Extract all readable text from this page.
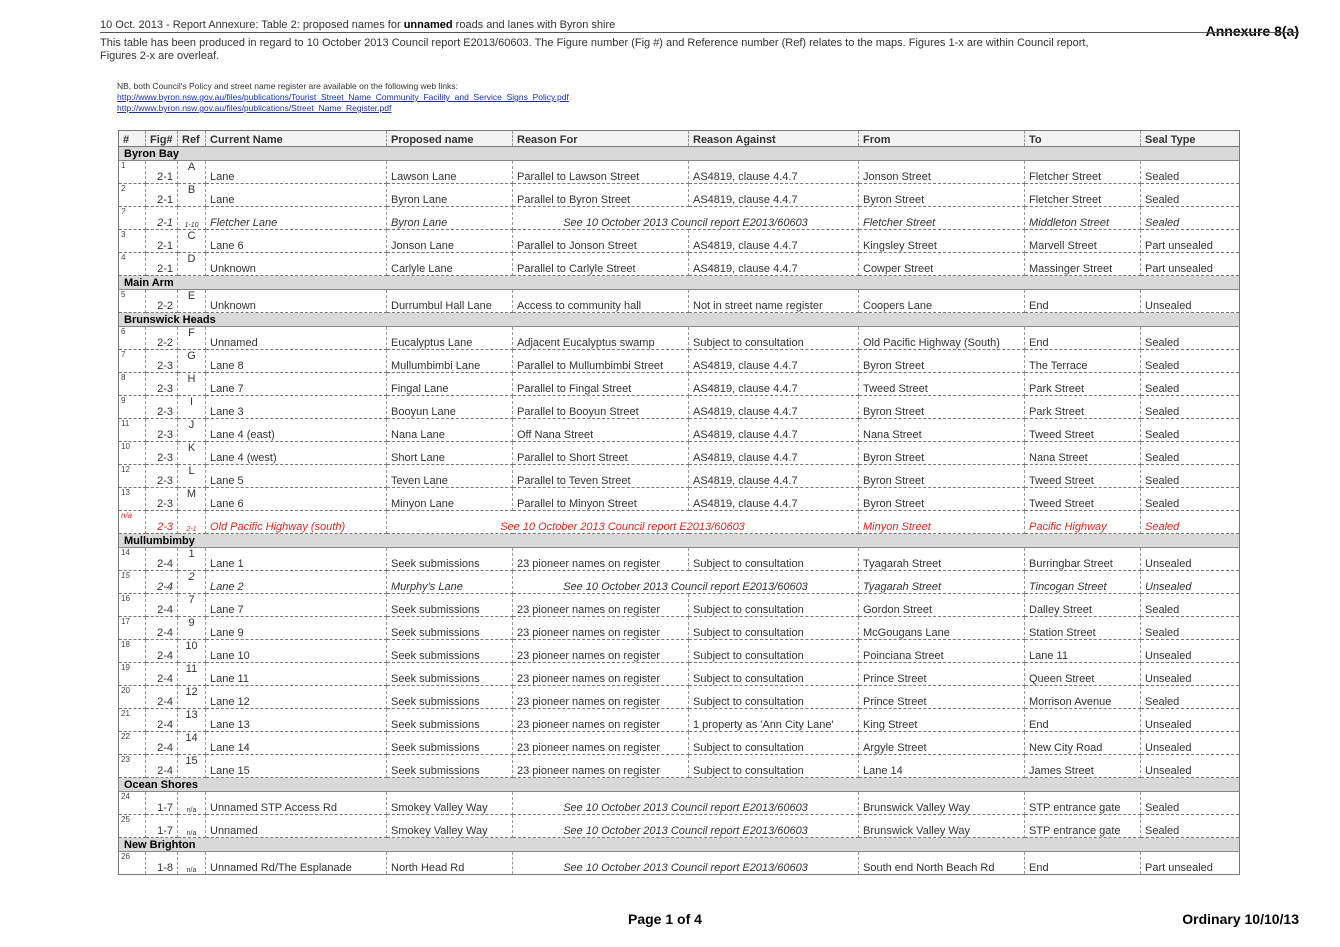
10 Oct. 2013 - Report Annexure: Table 2: proposed names for unnamed roads and lanes with Byron shire	Annexure 8(a)
This table has been produced in regard to 10 October 2013 Council report E2013/60603. The Figure number (Fig #) and Reference number (Ref) relates to the maps. Figures 1-x are within Council report,
Figures 2-x are overleaf.
NB, both Council's Policy and street name register are available on the following web links:
http://www.byron.nsw.gov.au/files/publications/Tourist_Street_Name_Community_Facility_and_Service_Signs_Policy.pdf
http://www.byron.nsw.gov.au/files/publications/Street_Name_Register.pdf
#	Fig#	Ref	Current Name	Proposed name	Reason For	Reason Against	From	To	Seal Type
Byron Bay									
1	2-1	A	Lane	Lawson Lane	Parallel to Lawson Street	AS4819, clause 4.4.7	Jonson Street	Fletcher Street	Sealed
2	2-1	B	Lane	Byron Lane	Parallel to Byron Street	AS4819, clause 4.4.7	Byron Street	Fletcher Street	Sealed
?	2-1	1-10	Fletcher Lane	Byron Lane	See 10 October 2013 Council report E2013/60603		Fletcher Street	Middleton Street	Sealed
3	2-1	C	Lane 6	Jonson Lane	Parallel to Jonson Street	AS4819, clause 4.4.7	Kingsley Street	Marvell Street	Part unsealed
4	2-1	D	Unknown	Carlyle Lane	Parallel to Carlyle Street	AS4819, clause 4.4.7	Cowper Street	Massinger Street	Part unsealed
Main Arm									
5	2-2	E	Unknown	Durrumbul Hall Lane	Access to community hall	Not in street name register	Coopers Lane	End	Unsealed
Brunswick Heads									
6	2-2	F	Unnamed	Eucalyptus Lane	Adjacent Eucalyptus swamp	Subject to consultation	Old Pacific Highway (South)	End	Sealed
7	2-3	G	Lane 8	Mullumbimbi Lane	Parallel to Mullumbimbi Street	AS4819, clause 4.4.7	Byron Street	The Terrace	Sealed
8	2-3	H	Lane 7	Fingal Lane	Parallel to Fingal Street	AS4819, clause 4.4.7	Tweed Street	Park Street	Sealed
9	2-3	I	Lane 3	Booyun Lane	Parallel to Booyun Street	AS4819, clause 4.4.7	Byron Street	Park Street	Sealed
11	2-3	J	Lane 4 (east)	Nana Lane	Off Nana Street	AS4819, clause 4.4.7	Nana Street	Tweed Street	Sealed
10	2-3	K	Lane 4 (west)	Short Lane	Parallel to Short Street	AS4819, clause 4.4.7	Byron Street	Nana Street	Sealed
12	2-3	L	Lane 5	Teven Lane	Parallel to Teven Street	AS4819, clause 4.4.7	Byron Street	Tweed Street	Sealed
13	2-3	M	Lane 6	Minyon Lane	Parallel to Minyon Street	AS4819, clause 4.4.7	Byron Street	Tweed Street	Sealed
n/a	2-3	2-1	Old Pacific Highway (south)	See 10 October 2013 Council report E2013/60603			Minyon Street	Pacific Highway	Sealed
Mullumbimby									
14	2-4	1	Lane 1	Seek submissions	23 pioneer names on register	Subject to consultation	Tyagarah Street	Burringbar Street	Unsealed
15	2-4	2	Lane 2	Murphy's Lane	See 10 October 2013 Council report E2013/60603		Tyagarah Street	Tincogan Street	Unsealed
16	2-4	7	Lane 7	Seek submissions	23 pioneer names on register	Subject to consultation	Gordon Street	Dalley Street	Sealed
17	2-4	9	Lane 9	Seek submissions	23 pioneer names on register	Subject to consultation	McGougans Lane	Station Street	Sealed
18	2-4	10	Lane 10	Seek submissions	23 pioneer names on register	Subject to consultation	Poinciana Street	Lane 11	Unsealed
19	2-4	11	Lane 11	Seek submissions	23 pioneer names on register	Subject to consultation	Prince Street	Queen Street	Unsealed
20	2-4	12	Lane 12	Seek submissions	23 pioneer names on register	Subject to consultation	Prince Street	Morrison Avenue	Sealed
21	2-4	13	Lane 13	Seek submissions	23 pioneer names on register	1 property as 'Ann City Lane'	King Street	End	Unsealed
22	2-4	14	Lane 14	Seek submissions	23 pioneer names on register	Subject to consultation	Argyle Street	New City Road	Unsealed
23	2-4	15	Lane 15	Seek submissions	23 pioneer names on register	Subject to consultation	Lane 14	James Street	Unsealed
Ocean Shores									
24	1-7	n/a	Unnamed STP Access Rd	Smokey Valley Way	See 10 October 2013 Council report E2013/60603		Brunswick Valley Way	STP entrance gate	Sealed
25	1-7	n/a	Unnamed	Smokey Valley Way	See 10 October 2013 Council report E2013/60603		Brunswick Valley Way	STP entrance gate	Sealed
New Brighton									
26	1-8	n/a	Unnamed Rd/The Esplanade	North Head Rd	See 10 October 2013 Council report E2013/60603		South end North Beach Rd	End	Part unsealed
Page 1 of 4	Ordinary 10/10/13
